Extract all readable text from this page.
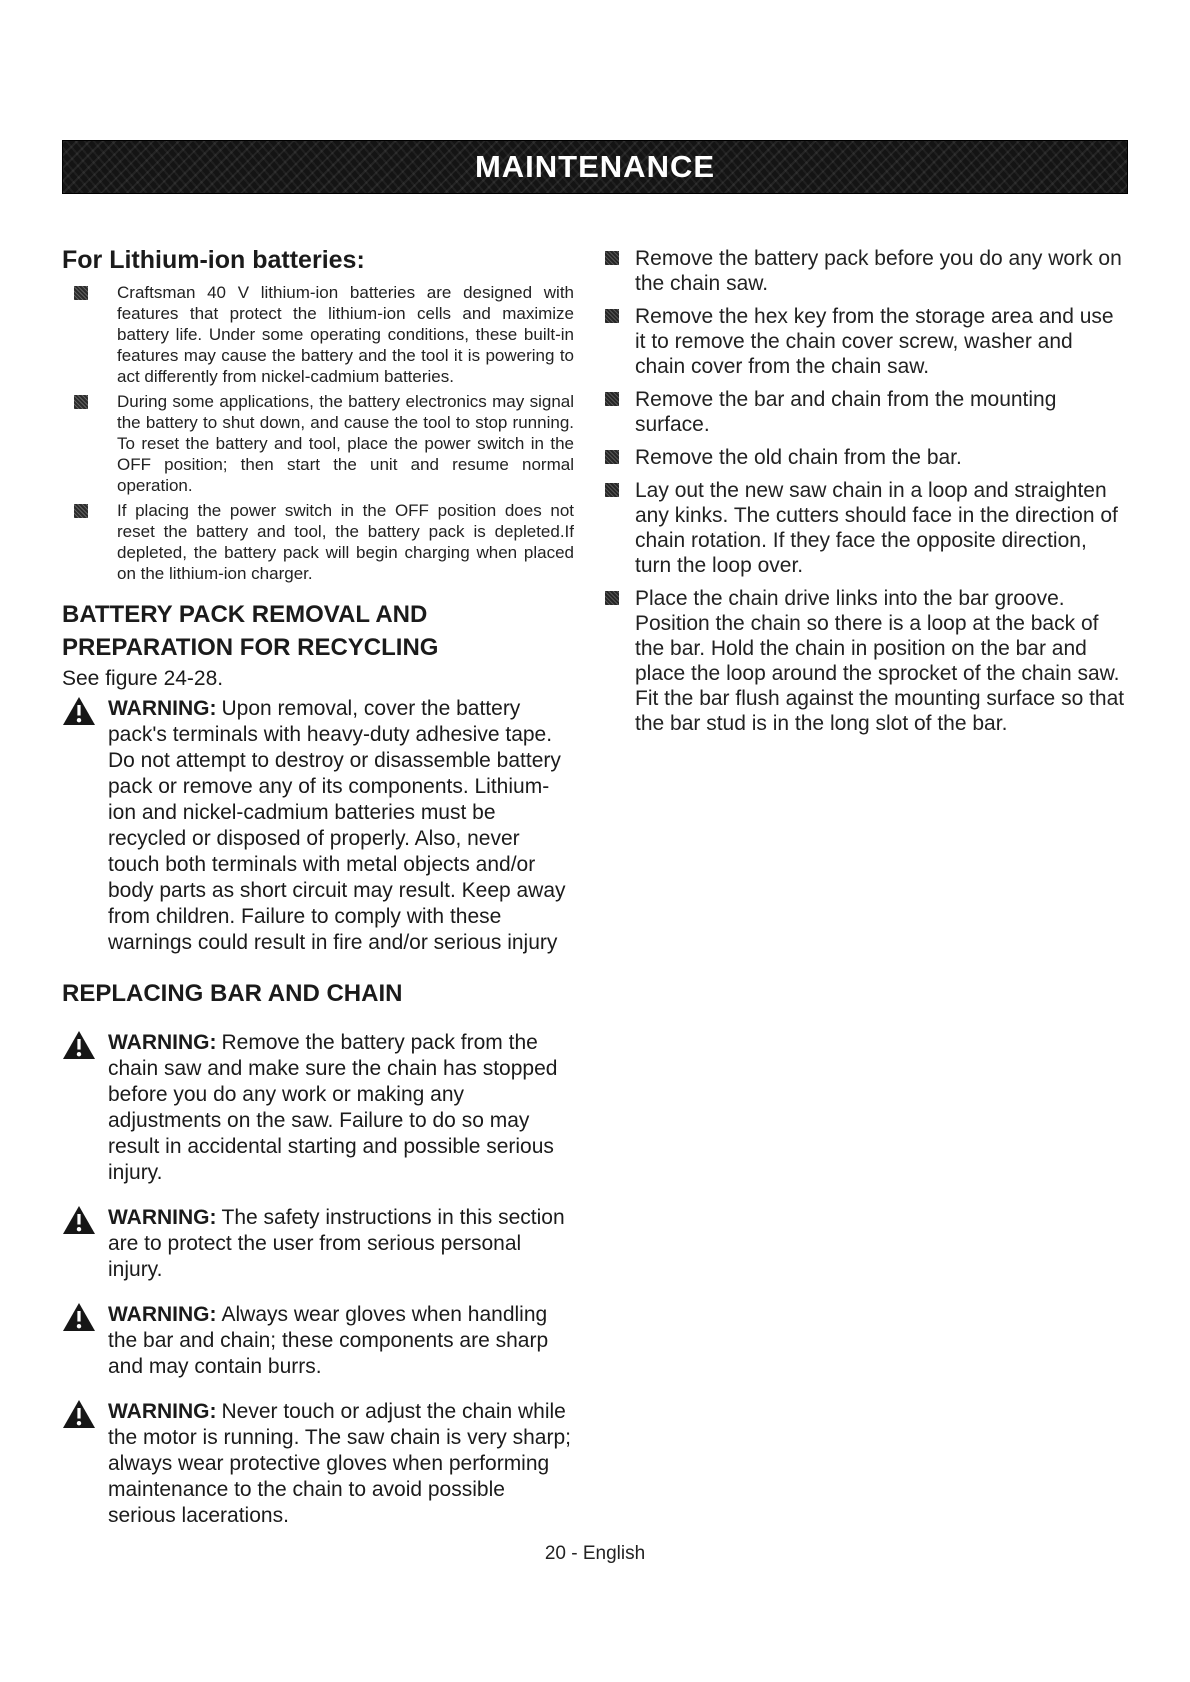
MAINTENANCE
For Lithium-ion batteries:
Craftsman 40 V lithium-ion batteries are designed with features that protect the lithium-ion cells and maximize battery life. Under some operating conditions, these built-in features may cause the battery and the tool it is powering to act differently from nickel-cadmium batteries.
During some applications, the battery electronics may signal the battery to shut down, and cause the tool to stop running. To reset the battery and tool, place the power switch in the OFF position; then start the unit and resume normal operation.
If placing the power switch in the OFF position does not reset the battery and tool, the battery pack is depleted.If depleted, the battery pack will begin charging when placed on the lithium-ion charger.
BATTERY PACK REMOVAL AND PREPARATION FOR RECYCLING

See figure 24-28.

WARNING: Upon removal, cover the battery pack's terminals with heavy-duty adhesive tape. Do not attempt to destroy or disassemble battery pack or remove any of its components. Lithium-ion and nickel-cadmium batteries must be recycled or disposed of properly. Also, never touch both terminals with metal objects and/or body parts as short circuit may result. Keep away from children. Failure to comply with these warnings could result in fire and/or serious injury

REPLACING BAR AND CHAIN

WARNING: Remove the battery pack from the chain saw and make sure the chain has stopped before you do any work or making any adjustments on the saw. Failure to do so may result in accidental starting and possible serious injury.

WARNING: The safety instructions in this section are to protect the user from serious personal injury.

WARNING: Always wear gloves when handling the bar and chain; these components are sharp and may contain burrs.

WARNING: Never touch or adjust the chain while the motor is running. The saw chain is very sharp; always wear protective gloves when performing maintenance to the chain to avoid possible serious lacerations.

Remove the battery pack before you do any work on the chain saw.
Remove the hex key from the storage area and use it to remove the chain cover screw, washer and chain cover from the chain saw.
Remove the bar and chain from the mounting surface.
Remove the old chain from the bar.
Lay out the new saw chain in a loop and straighten any kinks. The cutters should face in the direction of chain rotation. If they face the opposite direction, turn the loop over.
Place the chain drive links into the bar groove. Position the chain so there is a loop at the back of the bar. Hold the chain in position on the bar and place the loop around the sprocket of the chain saw. Fit the bar flush against the mounting surface so that the bar stud is in the long slot of the bar.
20 - English
